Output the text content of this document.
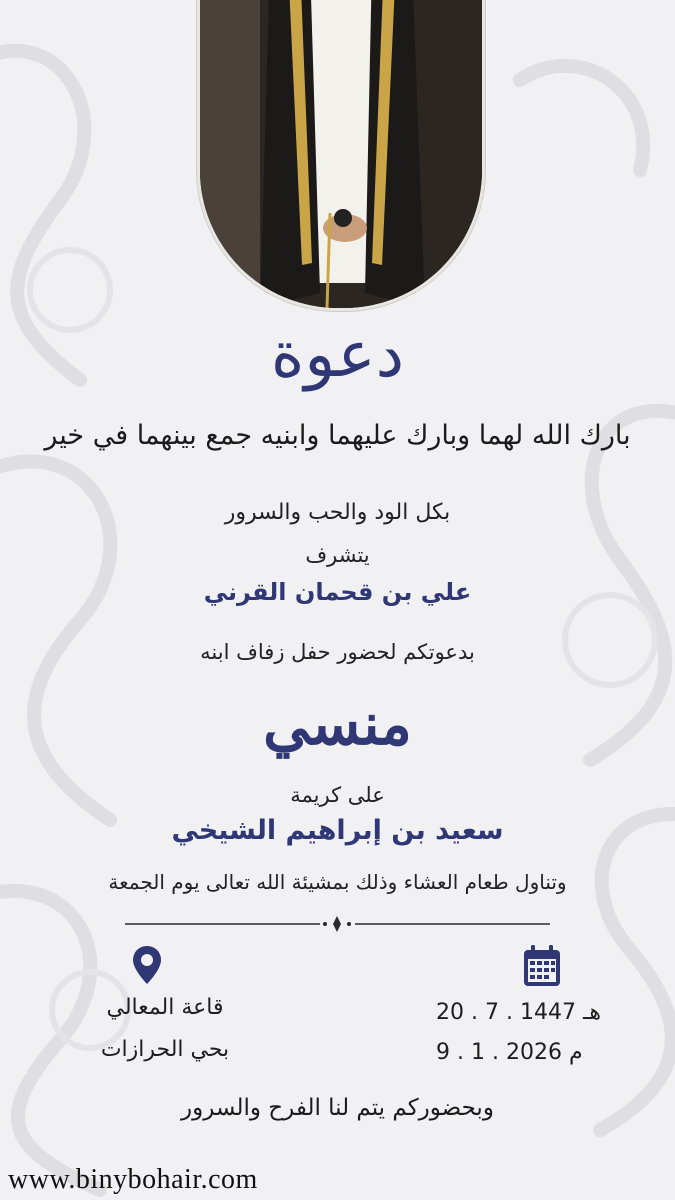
دعوة
بارك الله لهما وبارك عليهما وابنيه جمع بينهما في خير
بكل الود والحب والسرور
يتشرف
علي بن قحمان القرني
بدعوتكم لحضور حفل زفاف ابنه
منسي
على كريمة
سعيد بن إبراهيم الشيخي
وتناول طعام العشاء وذلك بمشيئة الله تعالى يوم الجمعة
قاعة المعالي
بحي الحرازات
20 . 7 . 1447 هـ
9 . 1 . 2026 م
وبحضوركم يتم لنا الفرح والسرور
www.binybohair.com
